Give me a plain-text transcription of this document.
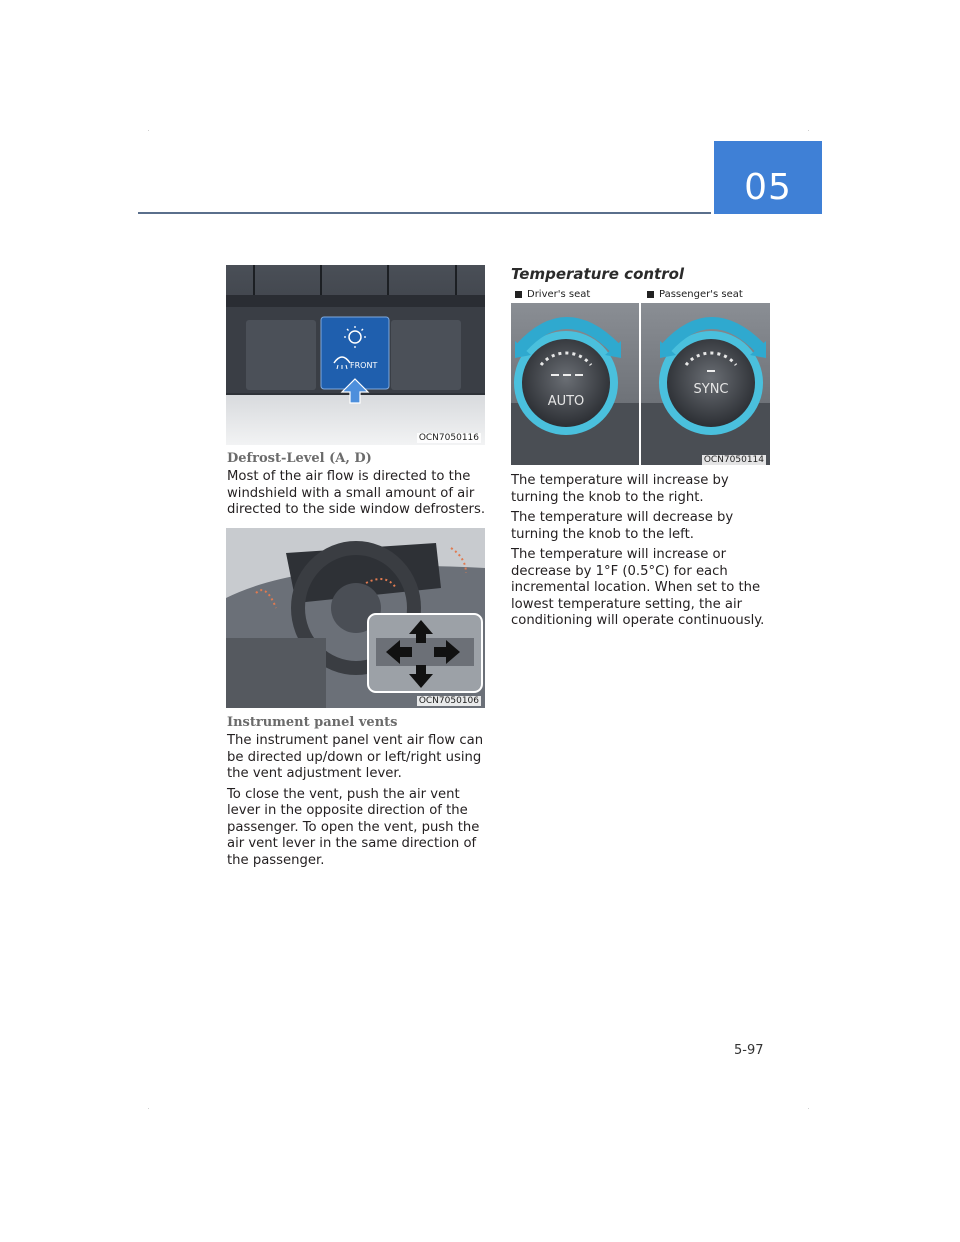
05
FRONT
OCN7050116
Defrost-Level (A, D)
Most of the air flow is directed to the windshield with a small amount of air directed to the side window defrosters.
OCN7050106
Instrument panel vents

The instrument panel vent air flow can be directed up/down or left/right using the vent adjustment lever.

To close the vent, push the air vent lever in the opposite direction of the passenger. To open the vent, push the air vent lever in the same direction of the passenger.

Temperature control
Driver's seat	Passenger's seat
AUTO
SYNC
OCN7050114

The temperature will increase by turning the knob to the right.

The temperature will decrease by turning the knob to the left.

The temperature will increase or decrease by 1°F (0.5°C) for each incremental location. When set to the lowest temperature setting, the air conditioning will operate continuously.

5-97
